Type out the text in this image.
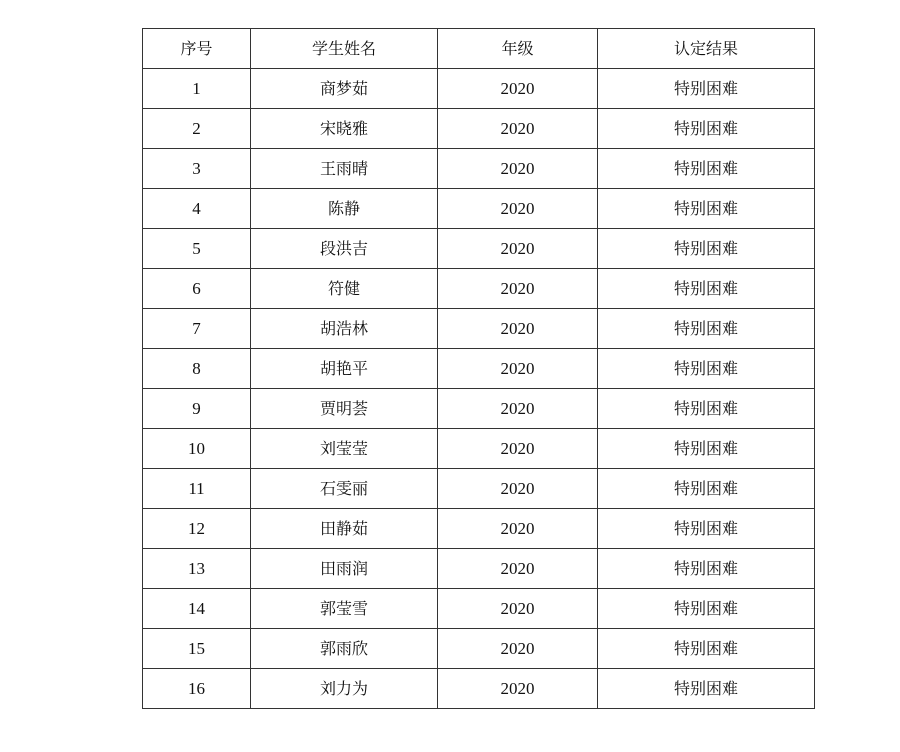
序号	学生姓名	年级	认定结果
1	商梦茹	2020	特别困难
2	宋晓雅	2020	特别困难
3	王雨晴	2020	特别困难
4	陈静	2020	特别困难
5	段洪吉	2020	特别困难
6	符健	2020	特别困难
7	胡浩林	2020	特别困难
8	胡艳平	2020	特别困难
9	贾明荟	2020	特别困难
10	刘莹莹	2020	特别困难
11	石雯丽	2020	特别困难
12	田静茹	2020	特别困难
13	田雨润	2020	特别困难
14	郭莹雪	2020	特别困难
15	郭雨欣	2020	特别困难
16	刘力为	2020	特别困难
